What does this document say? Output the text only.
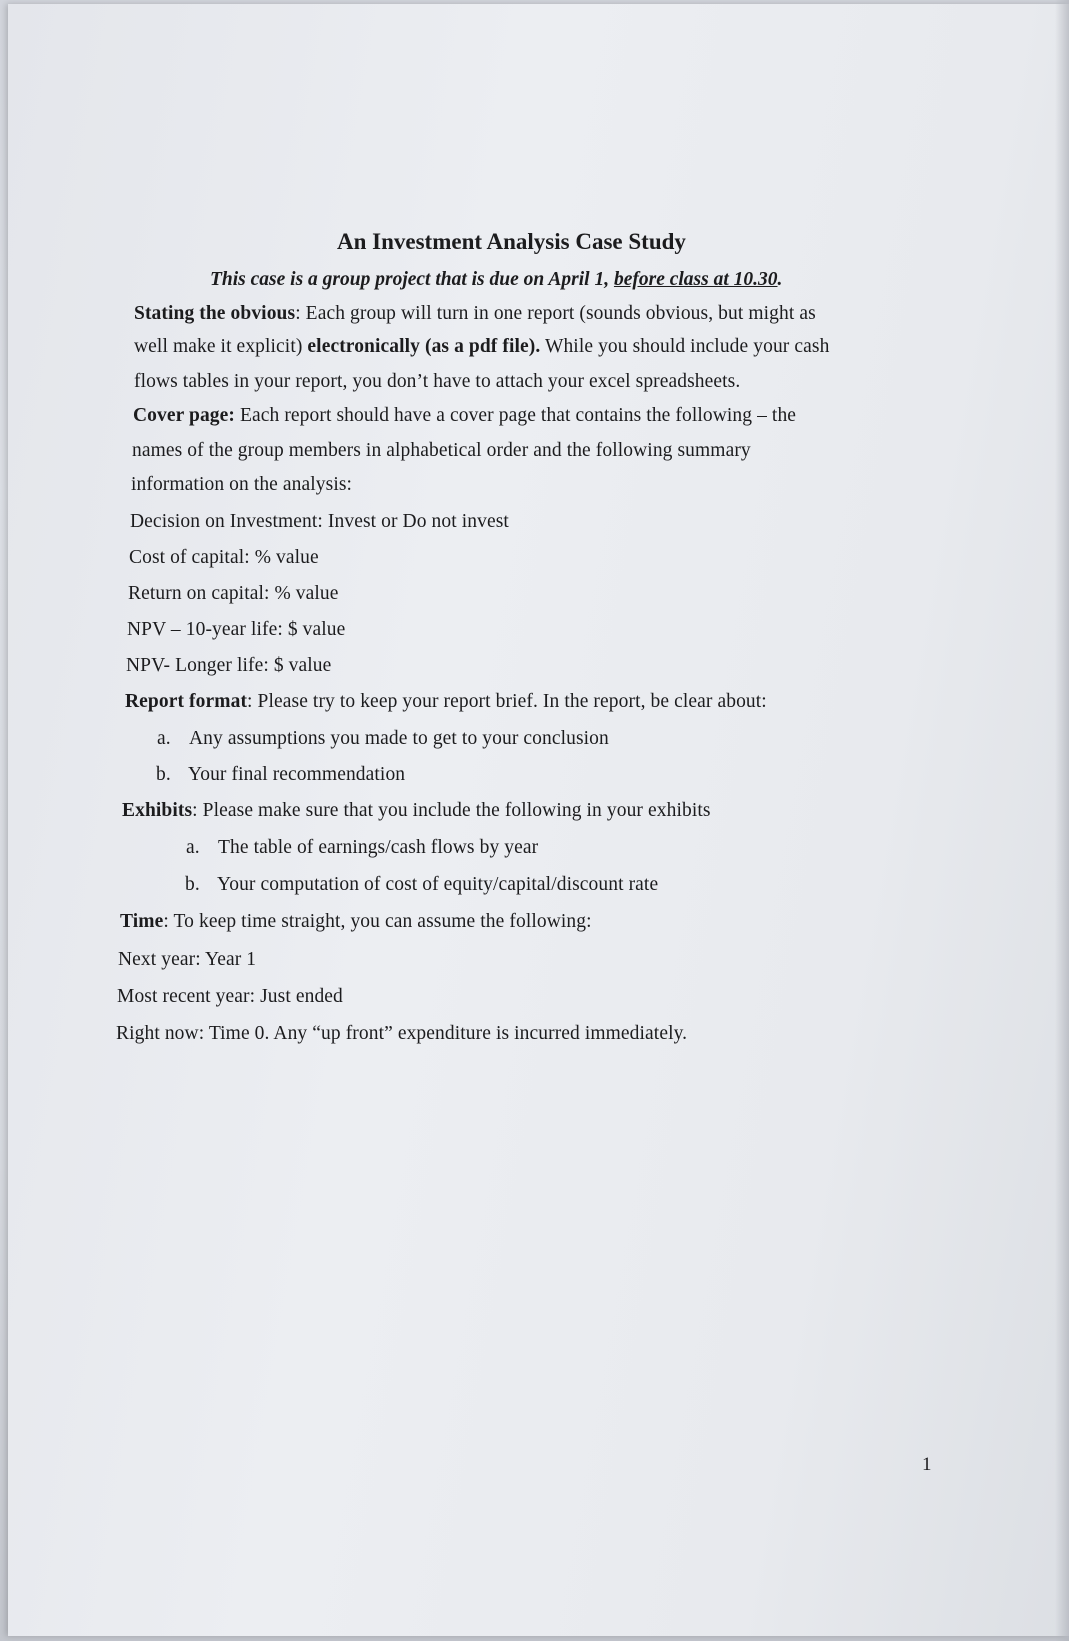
An Investment Analysis Case Study
This case is a group project that is due on April 1, before class at 10.30.
Stating the obvious: Each group will turn in one report (sounds obvious, but might as
well make it explicit) electronically (as a pdf file). While you should include your cash
flows tables in your report, you don’t have to attach your excel spreadsheets.
Cover page: Each report should have a cover page that contains the following – the
names of the group members in alphabetical order and the following summary
information on the analysis:
Decision on Investment: Invest or Do not invest
Cost of capital: % value
Return on capital: % value
NPV – 10-year life: $ value
NPV- Longer life: $ value
Report format: Please try to keep your report brief. In the report, be clear about:
a. Any assumptions you made to get to your conclusion
b. Your final recommendation
Exhibits: Please make sure that you include the following in your exhibits
a. The table of earnings/cash flows by year
b. Your computation of cost of equity/capital/discount rate
Time: To keep time straight, you can assume the following:
Next year: Year 1
Most recent year: Just ended
Right now: Time 0. Any “up front” expenditure is incurred immediately.
1
